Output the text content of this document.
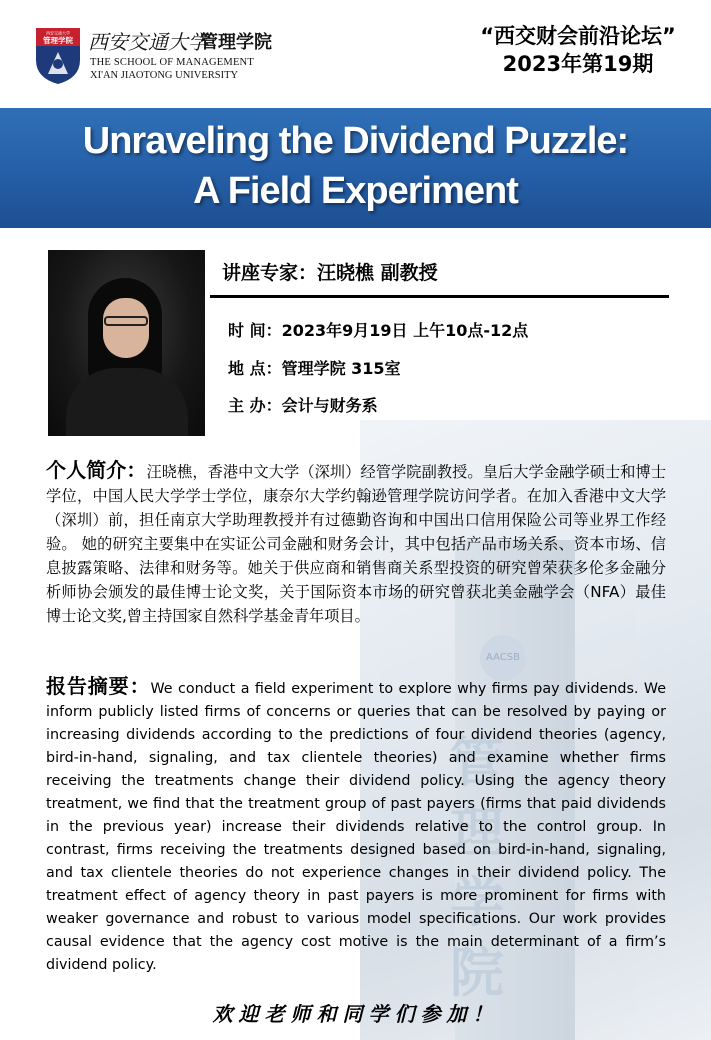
AACSB
管
理
学
院
西安交通大学
管理学院 西安交通大学
管理学院
THE SCHOOL OF MANAGEMENT
XI'AN JIAOTONG UNIVERSITY
“西交财会前沿论坛”
2023年第19期
Unraveling the Dividend Puzzle:
A Field Experiment
讲座专家：汪晓樵 副教授
时 间：2023年9月19日 上午10点-12点
地 点：管理学院 315室
主 办：会计与财务系
个人简介：汪晓樵，香港中文大学（深圳）经管学院副教授。皇后大学金融学硕士和博士学位，中国人民大学学士学位，康奈尔大学约翰逊管理学院访问学者。在加入香港中文大学（深圳）前，担任南京大学助理教授并有过德勤咨询和中国出口信用保险公司等业界工作经验。 她的研究主要集中在实证公司金融和财务会计，其中包括产品市场关系、资本市场、信息披露策略、法律和财务等。她关于供应商和销售商关系型投资的研究曾荣获多伦多金融分析师协会颁发的最佳博士论文奖，关于国际资本市场的研究曾获北美金融学会（NFA）最佳博士论文奖,曾主持国家自然科学基金青年项目。
报告摘要：We conduct a field experiment to explore why firms pay dividends. We inform publicly listed firms of concerns or queries that can be resolved by paying or increasing dividends according to the predictions of four dividend theories (agency, bird-in-hand, signaling, and tax clientele theories) and examine whether firms receiving the treatments change their dividend policy. Using the agency theory treatment, we find that the treatment group of past payers (firms that paid dividends in the previous year) increase their dividends relative to the control group. In contrast, firms receiving the treatments designed based on bird-in-hand, signaling, and tax clientele theories do not experience changes in their dividend policy. The treatment effect of agency theory in past payers is more prominent for firms with weaker governance and robust to various model specifications. Our work provides causal evidence that the agency cost motive is the main determinant of a firm’s dividend policy.
欢迎老师和同学们参加！
